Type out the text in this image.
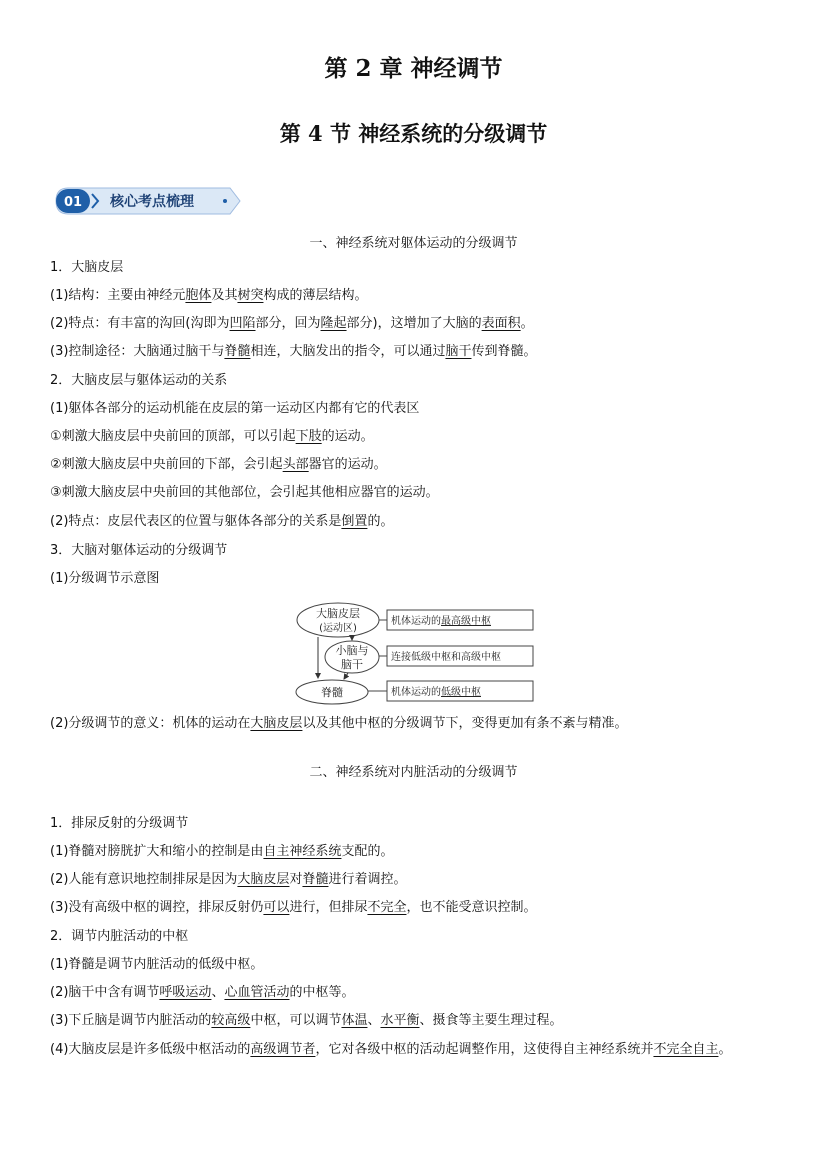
第 2 章 神经调节
第 4 节 神经系统的分级调节
01 核心考点梳理
一、神经系统对躯体运动的分级调节
1．大脑皮层
(1)结构：主要由神经元胞体及其树突构成的薄层结构。
(2)特点：有丰富的沟回(沟即为凹陷部分，回为隆起部分)，这增加了大脑的表面积。
(3)控制途径：大脑通过脑干与脊髓相连，大脑发出的指令，可以通过脑干传到脊髓。
2．大脑皮层与躯体运动的关系
(1)躯体各部分的运动机能在皮层的第一运动区内都有它的代表区
①刺激大脑皮层中央前回的顶部，可以引起下肢的运动。
②刺激大脑皮层中央前回的下部，会引起头部器官的运动。
③刺激大脑皮层中央前回的其他部位，会引起其他相应器官的运动。
(2)特点：皮层代表区的位置与躯体各部分的关系是倒置的。
3．大脑对躯体运动的分级调节
(1)分级调节示意图
大脑皮层
(运动区)
小脑与
脑干
脊髓
机体运动的最高级中枢
连接低级中枢和高级中枢
机体运动的低级中枢
(2)分级调节的意义：机体的运动在大脑皮层以及其他中枢的分级调节下，变得更加有条不紊与精准。
二、神经系统对内脏活动的分级调节
1．排尿反射的分级调节
(1)脊髓对膀胱扩大和缩小的控制是由自主神经系统支配的。
(2)人能有意识地控制排尿是因为大脑皮层对脊髓进行着调控。
(3)没有高级中枢的调控，排尿反射仍可以进行，但排尿不完全，也不能受意识控制。
2．调节内脏活动的中枢
(1)脊髓是调节内脏活动的低级中枢。
(2)脑干中含有调节呼吸运动、心血管活动的中枢等。
(3)下丘脑是调节内脏活动的较高级中枢，可以调节体温、水平衡、摄食等主要生理过程。
(4)大脑皮层是许多低级中枢活动的高级调节者，它对各级中枢的活动起调整作用，这使得自主神经系统并不完全自主。
